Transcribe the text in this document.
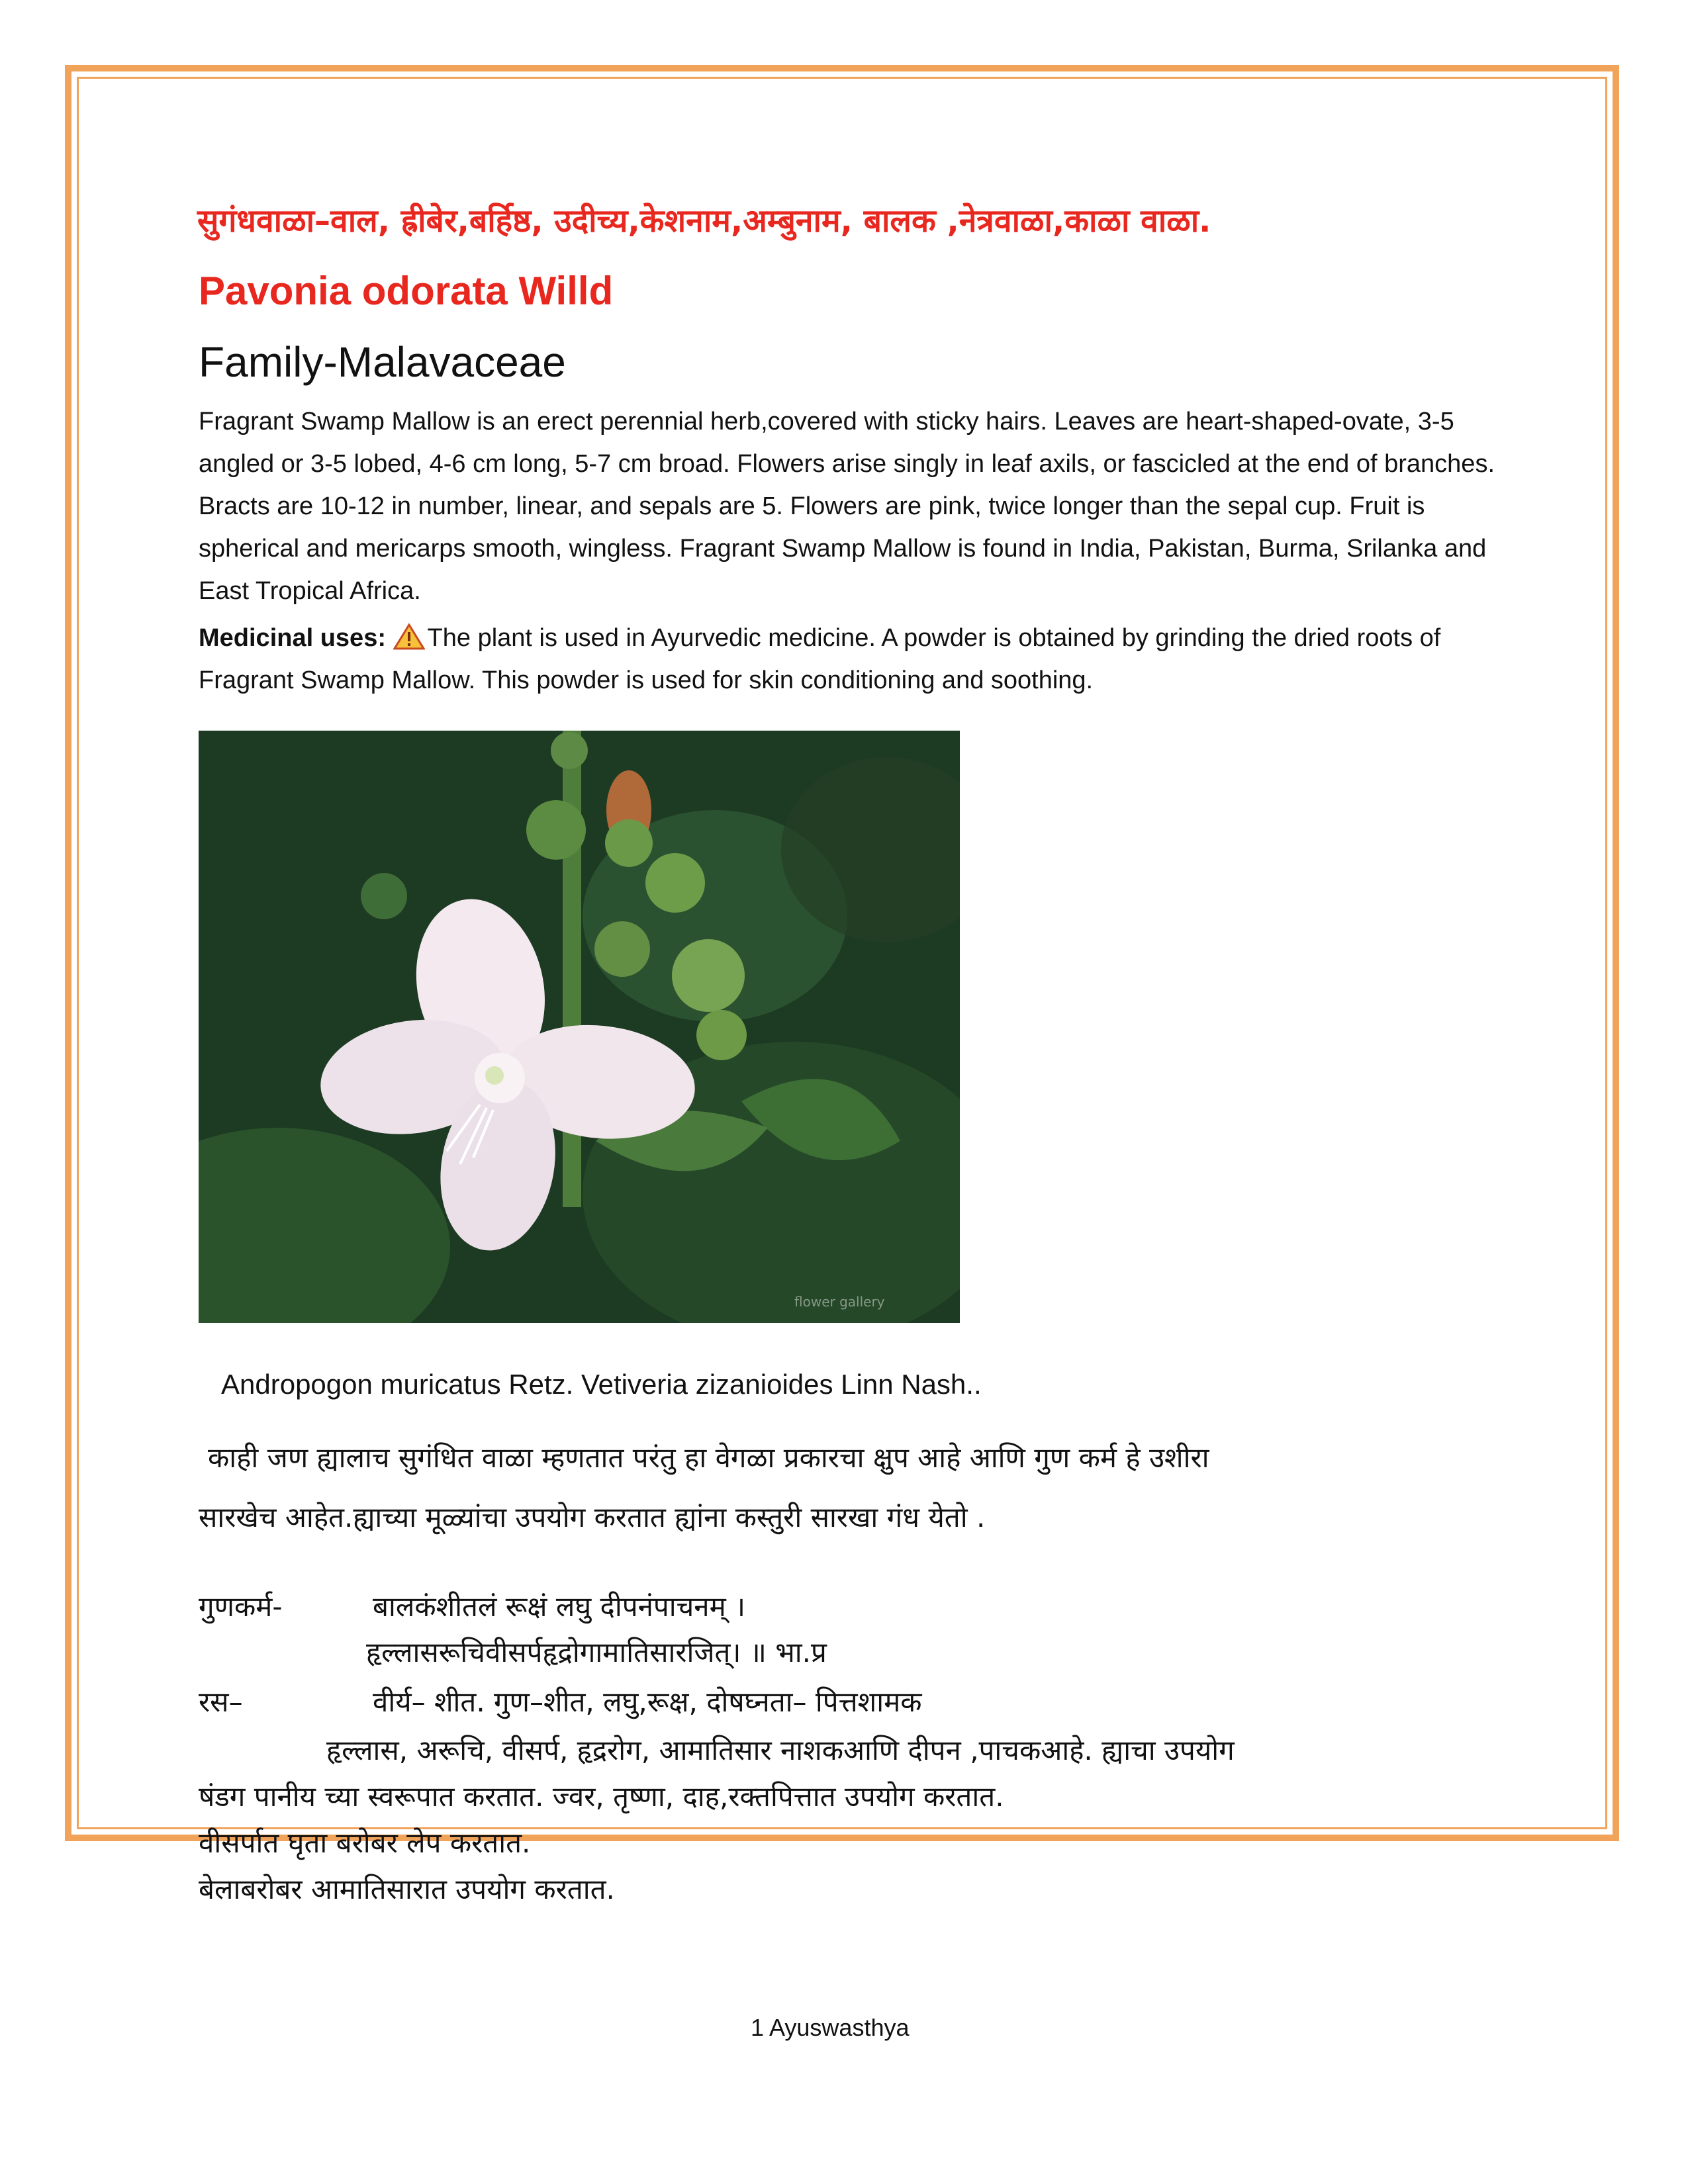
सुगंधवाळा–वाल, ह्रीबेर,बर्हिष्ठ, उदीच्य,केशनाम,अम्बुनाम, बालक ,नेत्रवाळा,काळा वाळा.
Pavonia odorata Willd
Family-Malavaceae
Fragrant Swamp Mallow is an erect perennial herb,covered with sticky hairs. Leaves are heart-shaped-ovate, 3-5 angled or 3-5 lobed, 4-6 cm long, 5-7 cm broad. Flowers arise singly in leaf axils, or fascicled at the end of branches. Bracts are 10-12 in number, linear, and sepals are 5. Flowers are pink, twice longer than the sepal cup. Fruit is spherical and mericarps smooth, wingless. Fragrant Swamp Mallow is found in India, Pakistan, Burma, Srilanka and East Tropical Africa.
Medicinal uses: The plant is used in Ayurvedic medicine. A powder is obtained by grinding the dried roots of Fragrant Swamp Mallow. This powder is used for skin conditioning and soothing.
flower gallery
Andropogon muricatus Retz. Vetiveria zizanioides Linn Nash..
काही जण ह्यालाच सुगंधित वाळा म्हणतात परंतु हा वेगळा प्रकारचा क्षुप आहे आणि गुण कर्म हे उशीरा
सारखेच आहेत.ह्याच्या मूळ्यांचा उपयोग करतात ह्यांना कस्तुरी सारखा गंध येतो .
गुणकर्म-	बालकंशीतलं रूक्षं लघु दीपनंपाचनम् ।
हृल्लासरूचिवीसर्पहृद्रोगामातिसारजित्। ॥ भा.प्र
रस–	वीर्य– शीत. गुण–शीत, लघु,रूक्ष, दोषघ्नता– पित्तशामक
हृल्लास, अरूचि, वीसर्प, हृद्ररोग, आमातिसार नाशकआणि दीपन ,पाचकआहे. ह्याचा उपयोग
षंडग पानीय च्या स्वरूपात करतात. ज्वर, तृष्णा, दाह,रक्तपित्तात उपयोग करतात.
वीसर्पात घृता बरोबर लेप करतात.
बेलाबरोबर आमातिसारात उपयोग करतात.
1 Ayuswasthya
